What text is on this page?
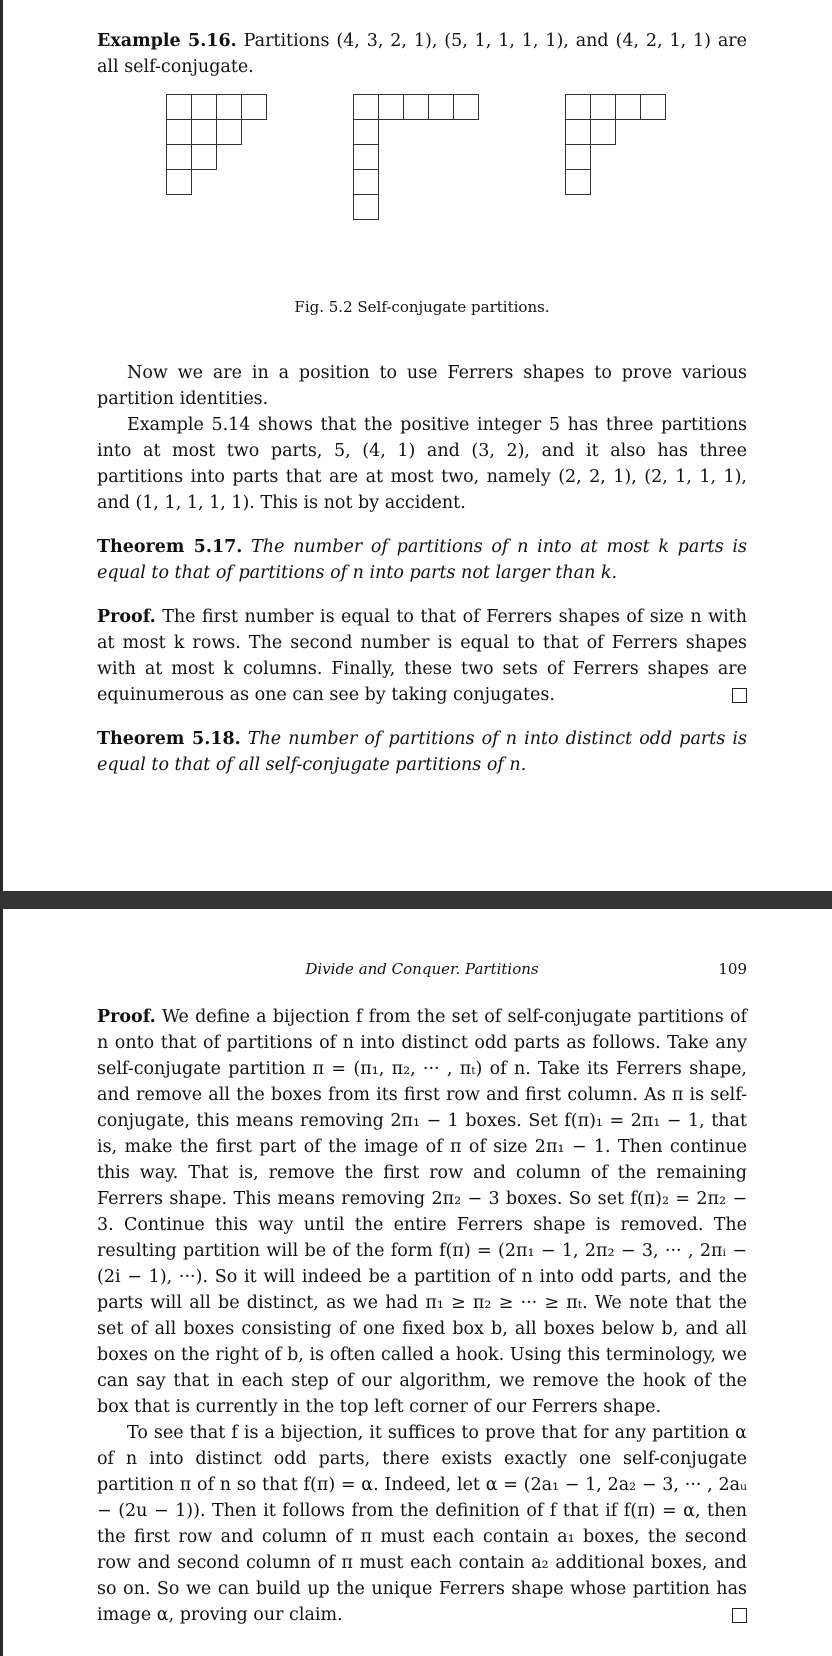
Example 5.16. Partitions (4, 3, 2, 1), (5, 1, 1, 1, 1), and (4, 2, 1, 1) are all self-conjugate.

Fig. 5.2 Self-conjugate partitions.

Now we are in a position to use Ferrers shapes to prove various partition identities.

Example 5.14 shows that the positive integer 5 has three partitions into at most two parts, 5, (4, 1) and (3, 2), and it also has three partitions into parts that are at most two, namely (2, 2, 1), (2, 1, 1, 1), and (1, 1, 1, 1, 1). This is not by accident.

Theorem 5.17. The number of partitions of n into at most k parts is equal to that of partitions of n into parts not larger than k.

Proof. The first number is equal to that of Ferrers shapes of size n with at most k rows. The second number is equal to that of Ferrers shapes with at most k columns. Finally, these two sets of Ferrers shapes are equinumerous as one can see by taking conjugates.

Theorem 5.18. The number of partitions of n into distinct odd parts is equal to that of all self-conjugate partitions of n.

Divide and Conquer. Partitions	109

Proof. We define a bijection f from the set of self-conjugate partitions of n onto that of partitions of n into distinct odd parts as follows. Take any self-conjugate partition π = (π₁, π₂, ··· , πₜ) of n. Take its Ferrers shape, and remove all the boxes from its first row and first column. As π is self-conjugate, this means removing 2π₁ − 1 boxes. Set f(π)₁ = 2π₁ − 1, that is, make the first part of the image of π of size 2π₁ − 1. Then continue this way. That is, remove the first row and column of the remaining Ferrers shape. This means removing 2π₂ − 3 boxes. So set f(π)₂ = 2π₂ − 3. Continue this way until the entire Ferrers shape is removed. The resulting partition will be of the form f(π) = (2π₁ − 1, 2π₂ − 3, ··· , 2πᵢ − (2i − 1), ···). So it will indeed be a partition of n into odd parts, and the parts will all be distinct, as we had π₁ ≥ π₂ ≥ ··· ≥ πₜ. We note that the set of all boxes consisting of one fixed box b, all boxes below b, and all boxes on the right of b, is often called a hook. Using this terminology, we can say that in each step of our algorithm, we remove the hook of the box that is currently in the top left corner of our Ferrers shape.

To see that f is a bijection, it suffices to prove that for any partition α of n into distinct odd parts, there exists exactly one self-conjugate partition π of n so that f(π) = α. Indeed, let α = (2a₁ − 1, 2a₂ − 3, ··· , 2aᵤ − (2u − 1)). Then it follows from the definition of f that if f(π) = α, then the first row and column of π must each contain a₁ boxes, the second row and second column of π must each contain a₂ additional boxes, and so on. So we can build up the unique Ferrers shape whose partition has image α, proving our claim.
